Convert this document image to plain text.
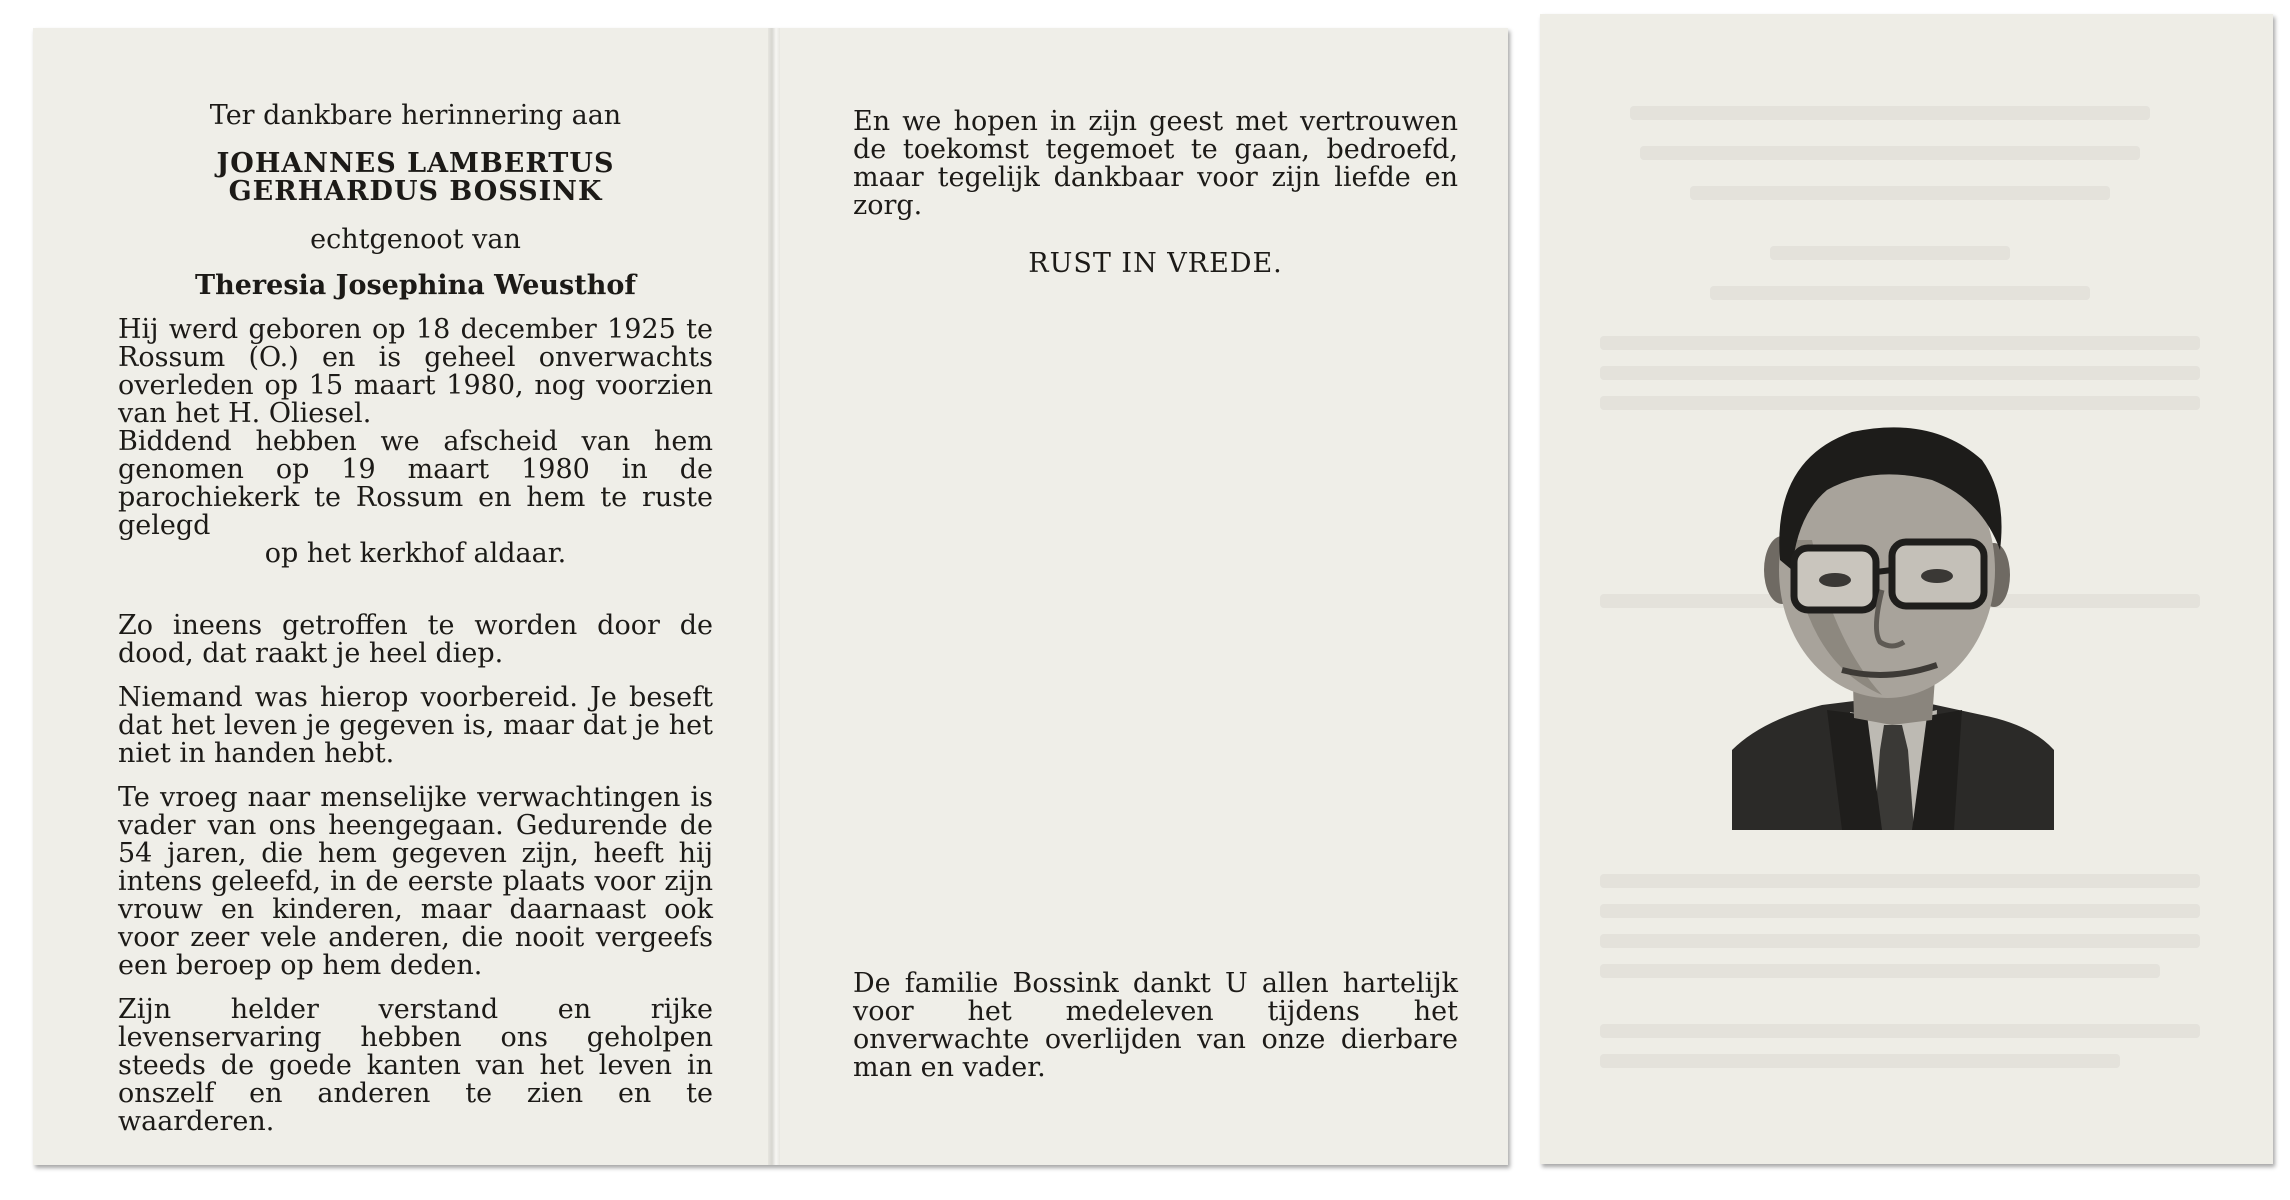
Ter dankbare herinnering aan

JOHANNES LAMBERTUS

GERHARDUS BOSSINK

echtgenoot van

Theresia Josephina Weusthof

Hij werd geboren op 18 december 1925 te Rossum (O.) en is geheel onverwachts overleden op 15 maart 1980, nog voorzien van het H. Oliesel.

Biddend hebben we afscheid van hem genomen op 19 maart 1980 in de parochiekerk te Rossum en hem te ruste gelegd

op het kerkhof aldaar.

Zo ineens getroffen te worden door de dood, dat raakt je heel diep.

Niemand was hierop voorbereid. Je beseft dat het leven je gegeven is, maar dat je het niet in handen hebt.

Te vroeg naar menselijke verwachtingen is vader van ons heengegaan. Gedurende de 54 jaren, die hem gegeven zijn, heeft hij intens geleefd, in de eerste plaats voor zijn vrouw en kinderen, maar daarnaast ook voor zeer vele anderen, die nooit vergeefs een beroep op hem deden.

Zijn helder verstand en rijke levenservaring hebben ons geholpen steeds de goede kanten van het leven in onszelf en anderen te zien en te waarderen.

En we hopen in zijn geest met vertrouwen de toekomst tegemoet te gaan, bedroefd, maar tegelijk dankbaar voor zijn liefde en zorg.

RUST IN VREDE.

De familie Bossink dankt U allen hartelijk voor het medeleven tijdens het onverwachte overlijden van onze dierbare man en vader.
